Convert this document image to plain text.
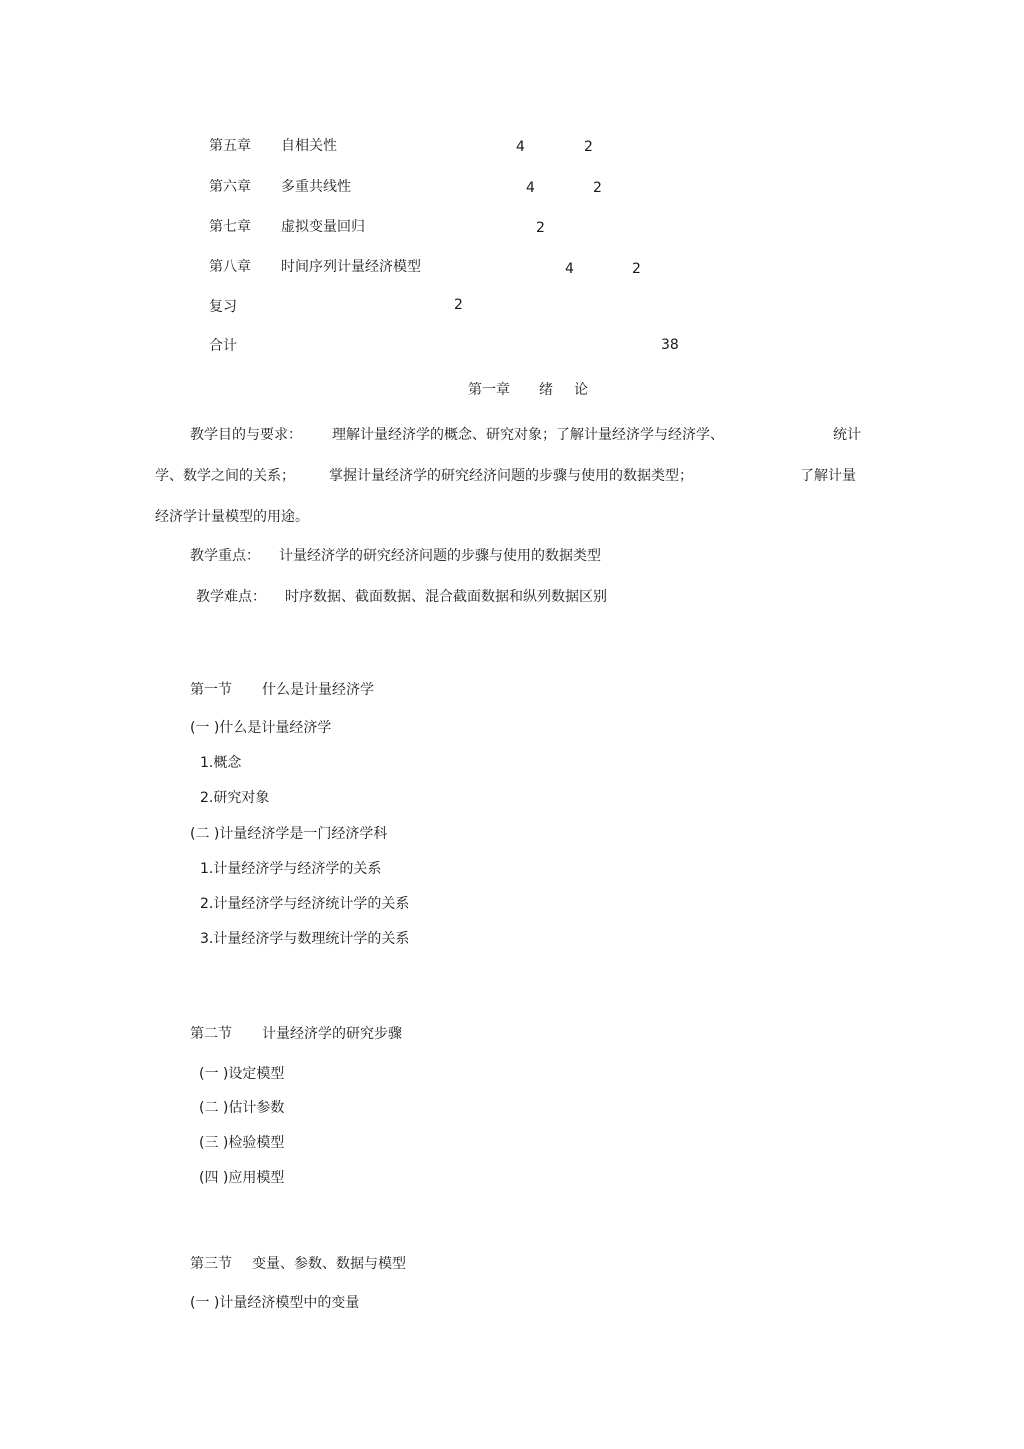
第五章 自相关性	4	2
第六章 多重共线性	4	2
第七章 虚拟变量回归	2
第八章 时间序列计量经济模型	4	2
复习	2
合计	38
第一章 绪 论
教学目的与要求： 理解计量经济学的概念、研究对象；了解计量经济学与经济学、	统计
学、数学之间的关系； 掌握计量经济学的研究经济问题的步骤与使用的数据类型；	了解计量
经济学计量模型的用途。
教学重点： 计量经济学的研究经济问题的步骤与使用的数据类型
教学难点： 时序数据、截面数据、混合截面数据和纵列数据区别
第一节 什么是计量经济学
(一 )什么是计量经济学
1.概念
2.研究对象
(二 )计量经济学是一门经济学科
1.计量经济学与经济学的关系
2.计量经济学与经济统计学的关系
3.计量经济学与数理统计学的关系
第二节 计量经济学的研究步骤
(一 )设定模型
(二 )估计参数
(三 )检验模型
(四 )应用模型
第三节 变量、参数、数据与模型
(一 )计量经济模型中的变量
